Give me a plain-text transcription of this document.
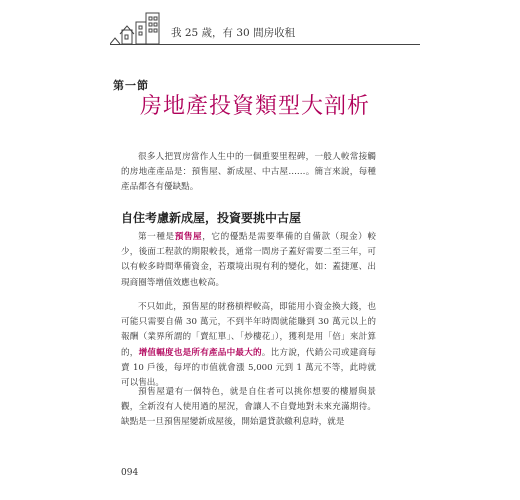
我 25 歲，有 30 間房收租
第一節
房地產投資類型大剖析

很多人把買房當作人生中的一個重要里程碑，一般人較常接觸的房地產產品是：預售屋、新成屋、中古屋……。簡言來說，每種產品都各有優缺點。

自住考慮新成屋，投資要挑中古屋

第一種是預售屋，它的優點是需要準備的自備款（現金）較少，後面工程款的期限較長，通常一間房子蓋好需要二至三年，可以有較多時間準備資金，若環境出現有利的變化，如：蓋捷運、出現商圈等增值效應也較高。

不只如此，預售屋的財務槓桿較高，即能用小資金換大錢，也可能只需要自備 30 萬元，不到半年時間就能賺到 30 萬元以上的報酬（業界所謂的「賣紅單」、「炒樓花」），獲利是用「倍」來計算的，增值幅度也是所有產品中最大的。比方說，代銷公司或建商每賣 10 戶後，每坪的市值就會漲 5,000 元到 1 萬元不等，此時就可以售出。

預售屋還有一個特色，就是自住者可以挑你想要的樓層與景觀，全新沒有人使用過的屋況，會讓人不自覺地對未來充滿期待。缺點是一旦預售屋變新成屋後，開始還貸款繳利息時，就是

094
